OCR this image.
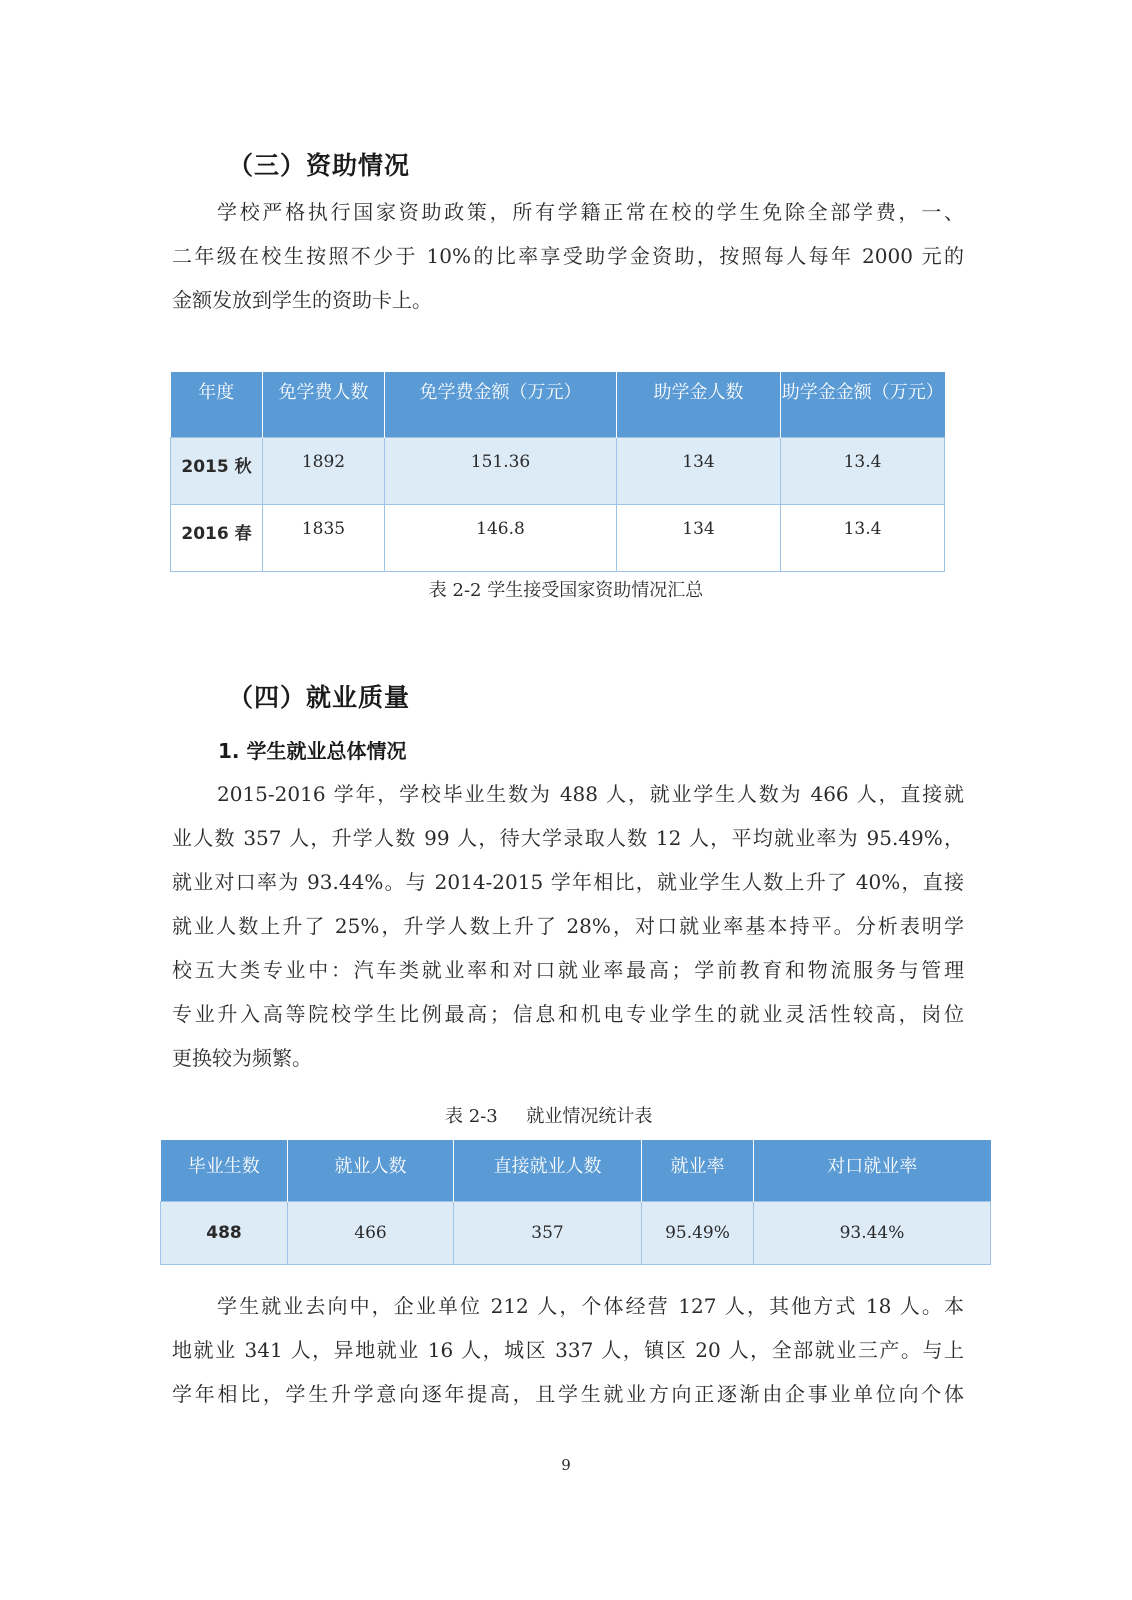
（三）资助情况
学校严格执行国家资助政策，所有学籍正常在校的学生免除全部学费，一、
二年级在校生按照不少于 10%的比率享受助学金资助，按照每人每年 2000 元的
金额发放到学生的资助卡上。
年度	免学费人数	免学费金额（万元）	助学金人数	助学金金额（万元）
2015 秋	1892	151.36	134	13.4
2016 春	1835	146.8	134	13.4
表 2-2 学生接受国家资助情况汇总
（四）就业质量
1. 学生就业总体情况
2015-2016 学年，学校毕业生数为 488 人，就业学生人数为 466 人，直接就
业人数 357 人，升学人数 99 人，待大学录取人数 12 人，平均就业率为 95.49%，
就业对口率为 93.44%。与 2014-2015 学年相比，就业学生人数上升了 40%，直接
就业人数上升了 25%，升学人数上升了 28%，对口就业率基本持平。分析表明学
校五大类专业中：汽车类就业率和对口就业率最高；学前教育和物流服务与管理
专业升入高等院校学生比例最高；信息和机电专业学生的就业灵活性较高，岗位
更换较为频繁。
表 2-3     就业情况统计表
毕业生数	就业人数	直接就业人数	就业率	对口就业率
488	466	357	95.49%	93.44%
学生就业去向中，企业单位 212 人，个体经营 127 人，其他方式 18 人。本
地就业 341 人，异地就业 16 人，城区 337 人，镇区 20 人，全部就业三产。与上
学年相比，学生升学意向逐年提高，且学生就业方向正逐渐由企事业单位向个体
9
